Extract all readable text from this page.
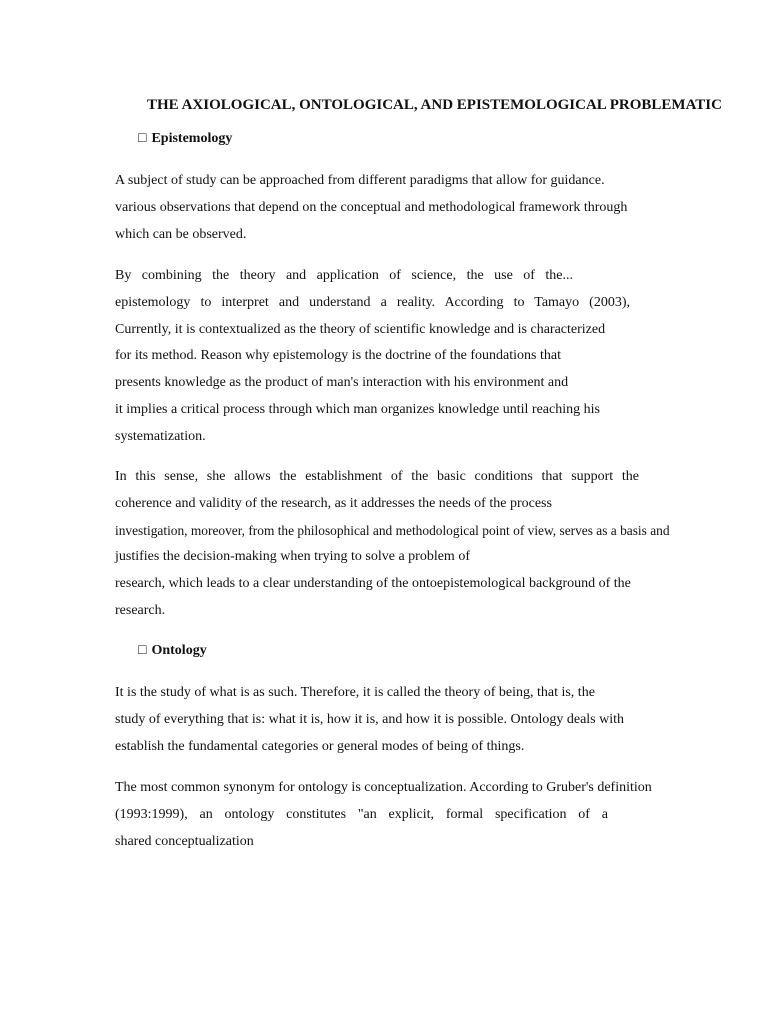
THE AXIOLOGICAL, ONTOLOGICAL, AND EPISTEMOLOGICAL PROBLEMATIC
□ Epistemology
A subject of study can be approached from different paradigms that allow for guidance.
various observations that depend on the conceptual and methodological framework through
which can be observed.
By combining the theory and application of science, the use of the...
epistemology to interpret and understand a reality. According to Tamayo (2003),
Currently, it is contextualized as the theory of scientific knowledge and is characterized
for its method. Reason why epistemology is the doctrine of the foundations that
presents knowledge as the product of man's interaction with his environment and
it implies a critical process through which man organizes knowledge until reaching his
systematization.
In this sense, she allows the establishment of the basic conditions that support the
coherence and validity of the research, as it addresses the needs of the process
investigation, moreover, from the philosophical and methodological point of view, serves as a basis and
justifies the decision-making when trying to solve a problem of
research, which leads to a clear understanding of the ontoepistemological background of the
research.
□ Ontology
It is the study of what is as such. Therefore, it is called the theory of being, that is, the
study of everything that is: what it is, how it is, and how it is possible. Ontology deals with
establish the fundamental categories or general modes of being of things.
The most common synonym for ontology is conceptualization. According to Gruber's definition
(1993:1999), an ontology constitutes "an explicit, formal specification of a
shared conceptualization
